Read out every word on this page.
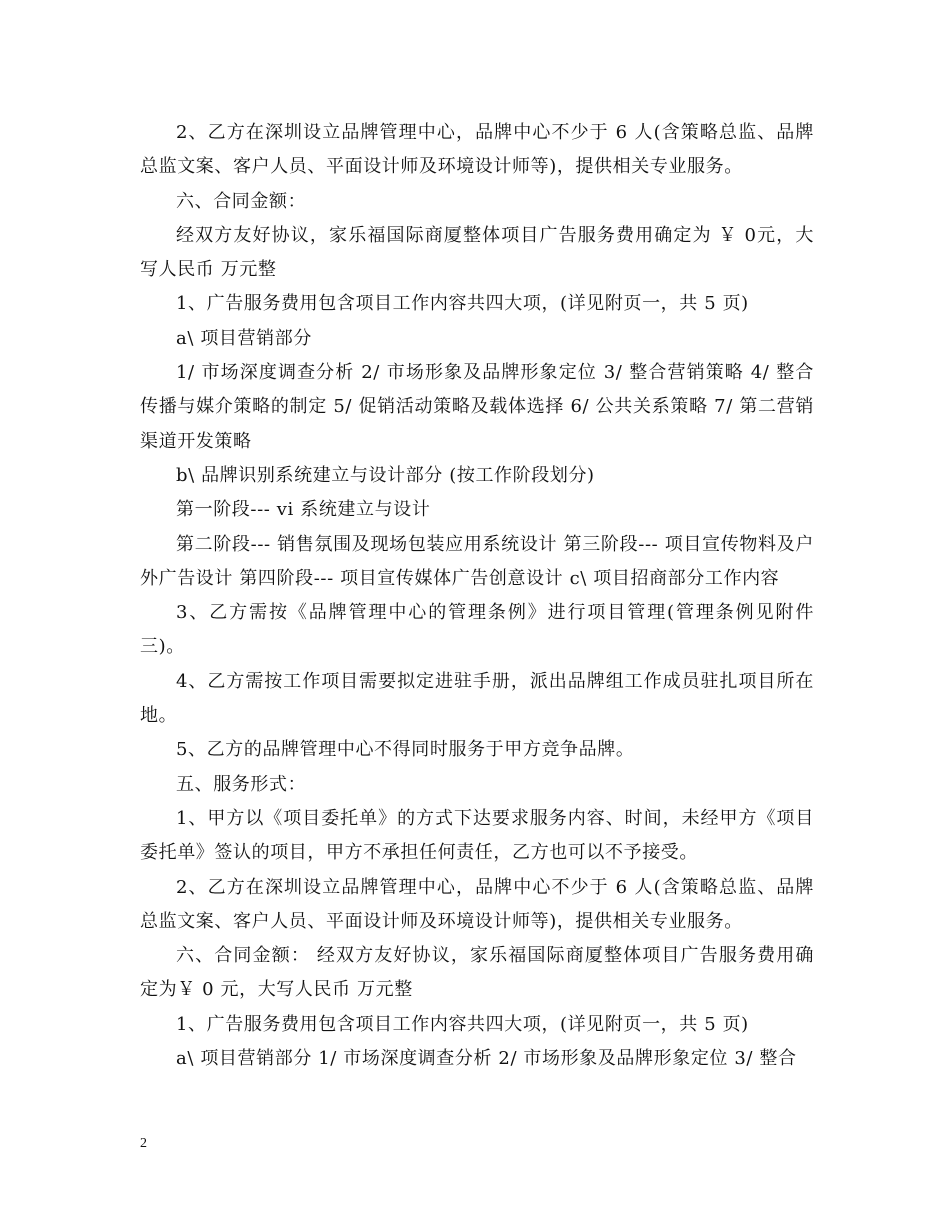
2、乙方在深圳设立品牌管理中心，品牌中心不少于 6 人(含策略总监、品牌总监文案、客户人员、平面设计师及环境设计师等)，提供相关专业服务。

六、合同金额：

经双方友好协议，家乐福国际商厦整体项目广告服务费用确定为 ￥ 0元，大写人民币 万元整

1、广告服务费用包含项目工作内容共四大项，(详见附页一，共 5 页)

a\ 项目营销部分

1/ 市场深度调查分析 2/ 市场形象及品牌形象定位 3/ 整合营销策略 4/ 整合传播与媒介策略的制定 5/ 促销活动策略及载体选择 6/ 公共关系策略 7/ 第二营销渠道开发策略

b\ 品牌识别系统建立与设计部分 (按工作阶段划分)

第一阶段--- vi 系统建立与设计

第二阶段--- 销售氛围及现场包装应用系统设计 第三阶段--- 项目宣传物料及户外广告设计 第四阶段--- 项目宣传媒体广告创意设计 c\ 项目招商部分工作内容

3、乙方需按《品牌管理中心的管理条例》进行项目管理(管理条例见附件三)。

4、乙方需按工作项目需要拟定进驻手册，派出品牌组工作成员驻扎项目所在地。

5、乙方的品牌管理中心不得同时服务于甲方竞争品牌。

五、服务形式：

1、甲方以《项目委托单》的方式下达要求服务内容、时间，未经甲方《项目委托单》签认的项目，甲方不承担任何责任，乙方也可以不予接受。

2、乙方在深圳设立品牌管理中心，品牌中心不少于 6 人(含策略总监、品牌总监文案、客户人员、平面设计师及环境设计师等)，提供相关专业服务。

六、合同金额： 经双方友好协议，家乐福国际商厦整体项目广告服务费用确定为￥ 0 元，大写人民币 万元整

1、广告服务费用包含项目工作内容共四大项，(详见附页一，共 5 页)

a\ 项目营销部分 1/ 市场深度调查分析 2/ 市场形象及品牌形象定位 3/ 整合

2
